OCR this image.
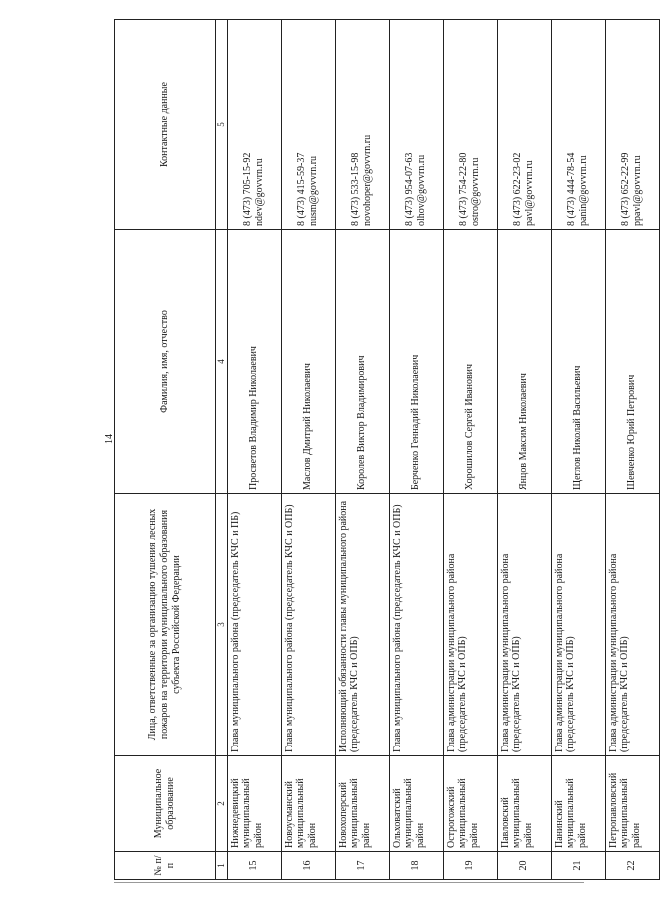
14
№ п/п	Муниципальное образование	Лица, ответственные за организацию тушения лесных пожаров на территории муниципального образования субъекта Российской Федерации	Фамилия, имя, отчество	Контактные данные
1	2	3	4	5
15	Нижнедевицкий муниципальный район	Глава муниципального района (председатель КЧС и ПБ)	Просветов Владимир Николаевич	8 (473) 705-15-92 ndev@govvrn.ru

16	Новоусманский муниципальный район	Глава муниципального района (председатель КЧС и ОПБ)	Маслов Дмитрий Николаевич	8 (473) 415-59-37 nusm@govvrn.ru

17	Новохоперский муниципальный район	Исполняющий обязанности главы муниципального района (председатель КЧС и ОПБ)	Королев Виктор Владимирович	8 (473) 533-15-98 novohoper@govvrn.ru

18	Ольховатский муниципальный район	Глава муниципального района (председатель КЧС и ОПБ)	Берченко Геннадий Николаевич	8 (473) 954-07-63 olhov@govvrn.ru

19	Острогожский муниципальный район	Глава администрации муниципального района (председатель КЧС и ОПБ)	Хорошилов Сергей Иванович	8 (473) 754-22-80 ostro@govvrn.ru

20	Павловский муниципальный район	Глава администрации муниципального района (председатель КЧС и ОПБ)	Янцов Максим Николаевич	8 (473) 622-23-02 pavl@govvrn.ru

21	Панинский муниципальный район	Глава администрации муниципального района (председатель КЧС и ОПБ)	Щеглов Николай Васильевич	8 (473) 444-78-54 panin@govvrn.ru

22	Петропавловский муниципальный район	Глава администрации муниципального района (председатель КЧС и ОПБ)	Шевченко Юрий Петрович	8 (473) 652-22-99 ppavl@govvrn.ru
